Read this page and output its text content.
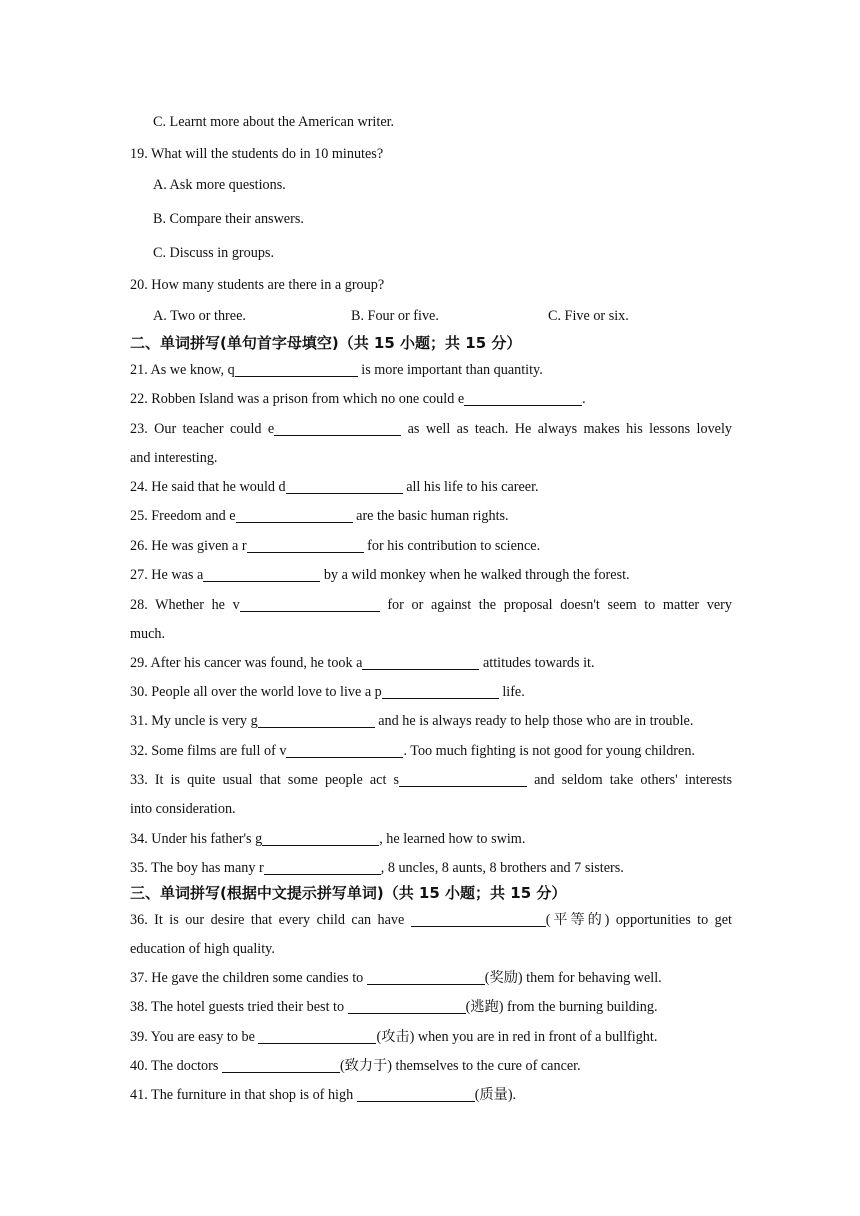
C. Learnt more about the American writer.
19. What will the students do in 10 minutes?
A. Ask more questions.
B. Compare their answers.
C. Discuss in groups.
20. How many students are there in a group?
A. Two or three.	B. Four or five.	C. Five or six.
二、单词拼写(单句首字母填空)（共 15 小题；共 15 分）
21. As we know, q	is more important than quantity.
22. Robben Island was a prison from which no one could e	.
23. Our teacher could e	as well as teach. He always makes his lessons lovely
and interesting.
24. He said that he would d	all his life to his career.
25. Freedom and e	are the basic human rights.
26. He was given a r	for his contribution to science.
27. He was a	by a wild monkey when he walked through the forest.
28. Whether he v	for or against the proposal doesn't seem to matter very
much.
29. After his cancer was found, he took a	attitudes towards it.
30. People all over the world love to live a p	life.
31. My uncle is very g	and he is always ready to help those who are in trouble.
32. Some films are full of v	. Too much fighting is not good for young children.
33. It is quite usual that some people act s	and seldom take others' interests
into consideration.
34. Under his father's g	, he learned how to swim.
35. The boy has many r	, 8 uncles, 8 aunts, 8 brothers and 7 sisters.
三、单词拼写(根据中文提示拼写单词)（共 15 小题；共 15 分）
36. It is our desire that every child can have	(平等的) opportunities to get
education of high quality.
37. He gave the children some candies to	(奖励) them for behaving well.
38. The hotel guests tried their best to	(逃跑) from the burning building.
39. You are easy to be	(攻击) when you are in red in front of a bullfight.
40. The doctors	(致力于) themselves to the cure of cancer.
41. The furniture in that shop is of high	(质量).
